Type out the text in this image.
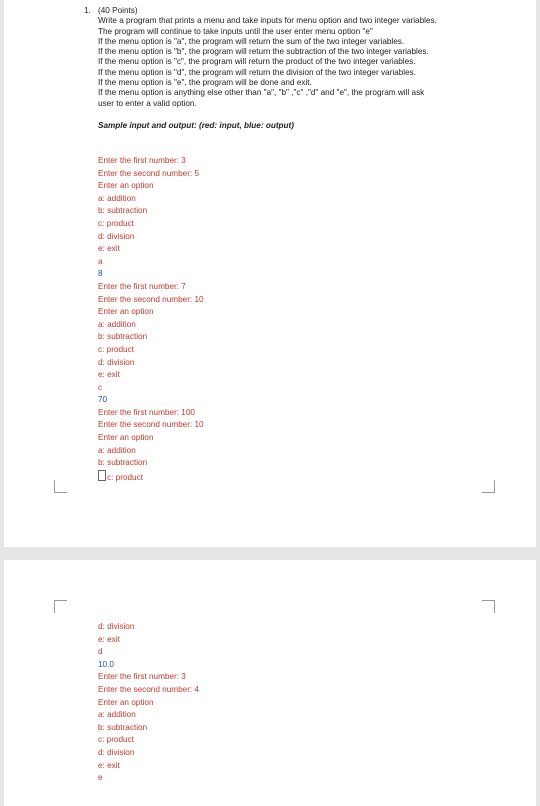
1. (40 Points)
Write a program that prints a menu and take inputs for menu option and two integer variables.
The program will continue to take inputs until the user enter menu option "e"
If the menu option is "a", the program will return the sum of the two integer variables.
If the menu option is "b", the program will return the subtraction of the two integer variables.
If the menu option is "c", the program will return the product of the two integer variables.
If the menu option is "d", the program will return the division of the two integer variables.
If the menu option is "e", the program will be done and exit.
If the menu option is anything else other than "a", "b" ,"c" ,"d" and "e", the program will ask
user to enter a valid option.
Sample input and output: (red: input, blue: output)
Enter the first number: 3
Enter the second number: 5
Enter an option
a: addition
b: subtraction
c: product
d: division
e: exit
a
8
Enter the first number: 7
Enter the second number: 10
Enter an option
a: addition
b: subtraction
c: product
d: division
e: exit
c
70
Enter the first number: 100
Enter the second number: 10
Enter an option
a: addition
b: subtraction
c: product
d: division
e: exit
d
10.0
Enter the first number: 3
Enter the second number: 4
Enter an option
a: addition
b: subtraction
c: product
d: division
e: exit
e
